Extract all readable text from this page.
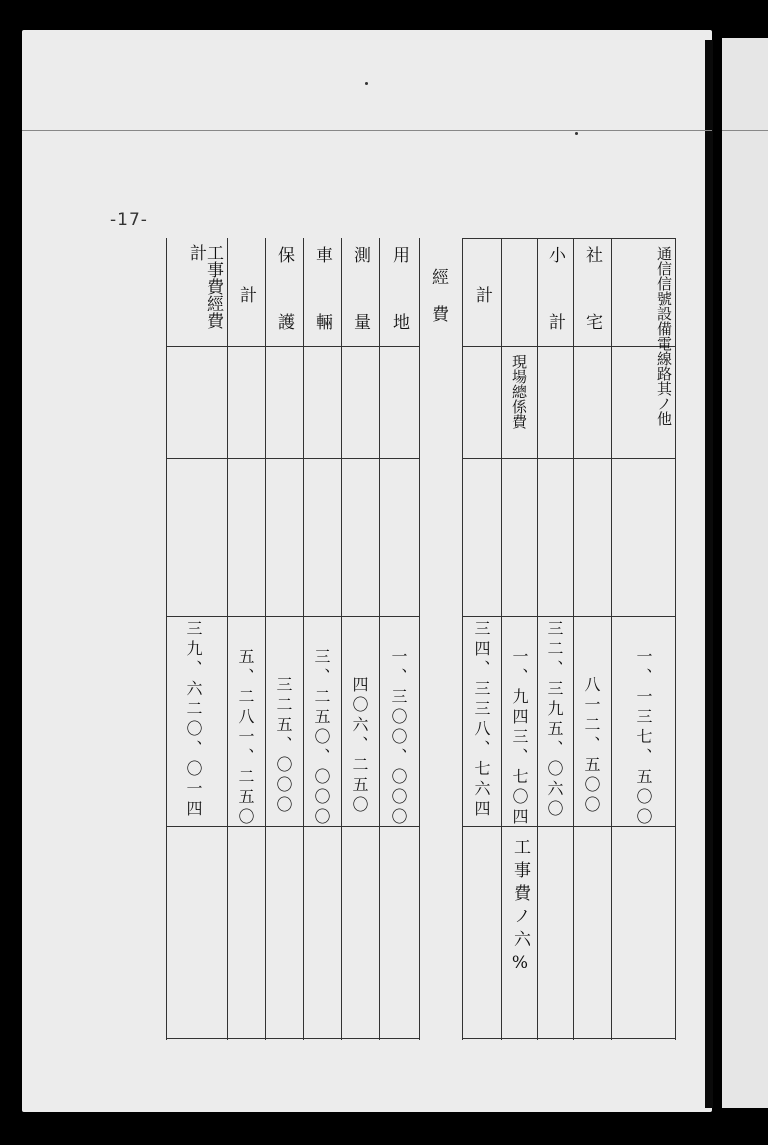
-17-
工事費經費計
三九、六二〇、〇一四
計
五、二八一、二五〇
保護
三二五、〇〇〇
車輛
三、二五〇、〇〇〇
測量
四〇六、二五〇
用地
一、三〇〇、〇〇〇
經費 計
三四、三三八、七六四
現場總係費
一、九四三、七〇四
工事費ノ六%
小計
三二、三九五、〇六〇
社宅
八一二、五〇〇
通信信號設備電線路其ノ他
一、一三七、五〇〇
